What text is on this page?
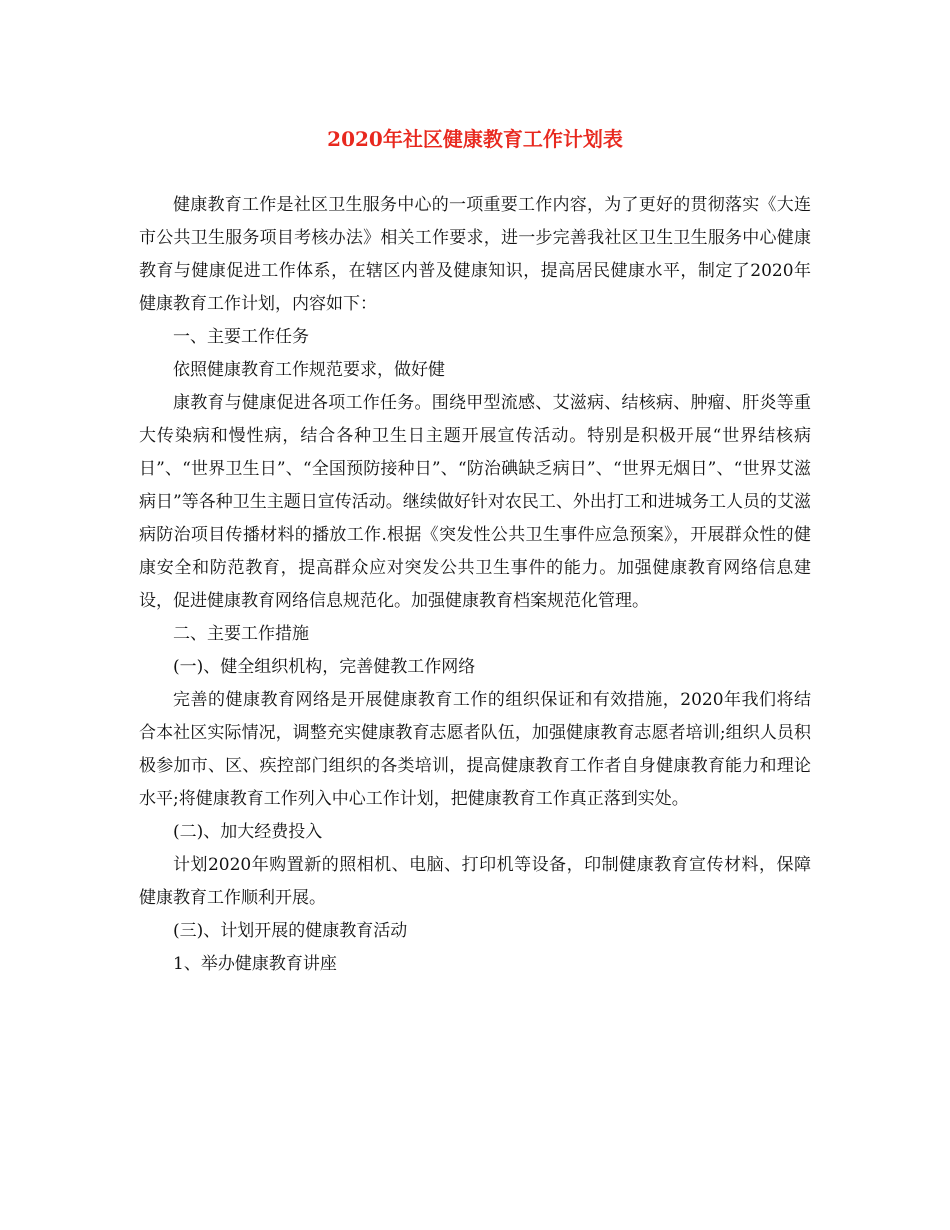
2020年社区健康教育工作计划表

健康教育工作是社区卫生服务中心的一项重要工作内容，为了更好的贯彻落实《大连市公共卫生服务项目考核办法》相关工作要求，进一步完善我社区卫生卫生服务中心健康教育与健康促进工作体系，在辖区内普及健康知识，提高居民健康水平，制定了2020年健康教育工作计划，内容如下：

一、主要工作任务

依照健康教育工作规范要求，做好健

康教育与健康促进各项工作任务。围绕甲型流感、艾滋病、结核病、肿瘤、肝炎等重大传染病和慢性病，结合各种卫生日主题开展宣传活动。特别是积极开展“世界结核病日”、“世界卫生日”、“全国预防接种日”、“防治碘缺乏病日”、“世界无烟日”、“世界艾滋病日”等各种卫生主题日宣传活动。继续做好针对农民工、外出打工和进城务工人员的艾滋病防治项目传播材料的播放工作.根据《突发性公共卫生事件应急预案》，开展群众性的健康安全和防范教育，提高群众应对突发公共卫生事件的能力。加强健康教育网络信息建设，促进健康教育网络信息规范化。加强健康教育档案规范化管理。

二、主要工作措施

(一)、健全组织机构，完善健教工作网络

完善的健康教育网络是开展健康教育工作的组织保证和有效措施，2020年我们将结合本社区实际情况，调整充实健康教育志愿者队伍，加强健康教育志愿者培训;组织人员积极参加市、区、疾控部门组织的各类培训，提高健康教育工作者自身健康教育能力和理论水平;将健康教育工作列入中心工作计划，把健康教育工作真正落到实处。

(二)、加大经费投入

计划2020年购置新的照相机、电脑、打印机等设备，印制健康教育宣传材料，保障健康教育工作顺利开展。

(三)、计划开展的健康教育活动

1、举办健康教育讲座
